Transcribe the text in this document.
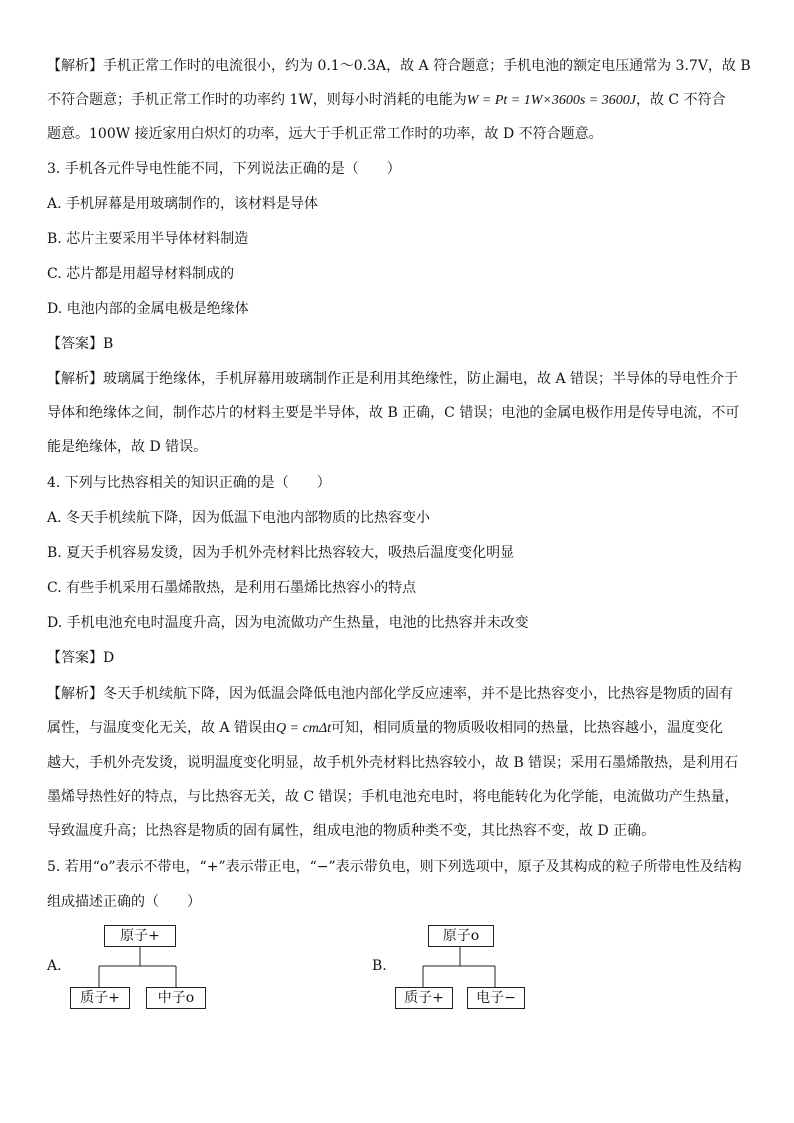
【解析】手机正常工作时的电流很小，约为 0.1～0.3A，故 A 符合题意；手机电池的额定电压通常为 3.7V，故 B
不符合题意；手机正常工作时的功率约 1W，则每小时消耗的电能为W = Pt = 1W×3600s = 3600J，故 C 不符合
题意。100W 接近家用白炽灯的功率，远大于手机正常工作时的功率，故 D 不符合题意。
3. 手机各元件导电性能不同，下列说法正确的是（　　）
A. 手机屏幕是用玻璃制作的，该材料是导体
B. 芯片主要采用半导体材料制造
C. 芯片都是用超导材料制成的
D. 电池内部的金属电极是绝缘体
【答案】B
【解析】玻璃属于绝缘体，手机屏幕用玻璃制作正是利用其绝缘性，防止漏电，故 A 错误；半导体的导电性介于
导体和绝缘体之间，制作芯片的材料主要是半导体，故 B 正确，C 错误；电池的金属电极作用是传导电流，不可
能是绝缘体，故 D 错误。
4. 下列与比热容相关的知识正确的是（　　）
A. 冬天手机续航下降，因为低温下电池内部物质的比热容变小
B. 夏天手机容易发烫，因为手机外壳材料比热容较大，吸热后温度变化明显
C. 有些手机采用石墨烯散热，是利用石墨烯比热容小的特点
D. 手机电池充电时温度升高，因为电流做功产生热量，电池的比热容并未改变
【答案】D
【解析】冬天手机续航下降，因为低温会降低电池内部化学反应速率，并不是比热容变小，比热容是物质的固有
属性，与温度变化无关，故 A 错误由Q = cmΔt可知，相同质量的物质吸收相同的热量，比热容越小，温度变化
越大，手机外壳发烫，说明温度变化明显，故手机外壳材料比热容较小，故 B 错误；采用石墨烯散热，是利用石
墨烯导热性好的特点，与比热容无关，故 C 错误；手机电池充电时，将电能转化为化学能，电流做功产生热量，
导致温度升高；比热容是物质的固有属性，组成电池的物质种类不变，其比热容不变，故 D 正确。
5. 若用“o”表示不带电，“+”表示带正电，“−”表示带负电，则下列选项中，原子及其构成的粒子所带电性及结构
组成描述正确的（　　）
A.
原子+
质子+	中子o
B.
原子o
质子+	电子−
